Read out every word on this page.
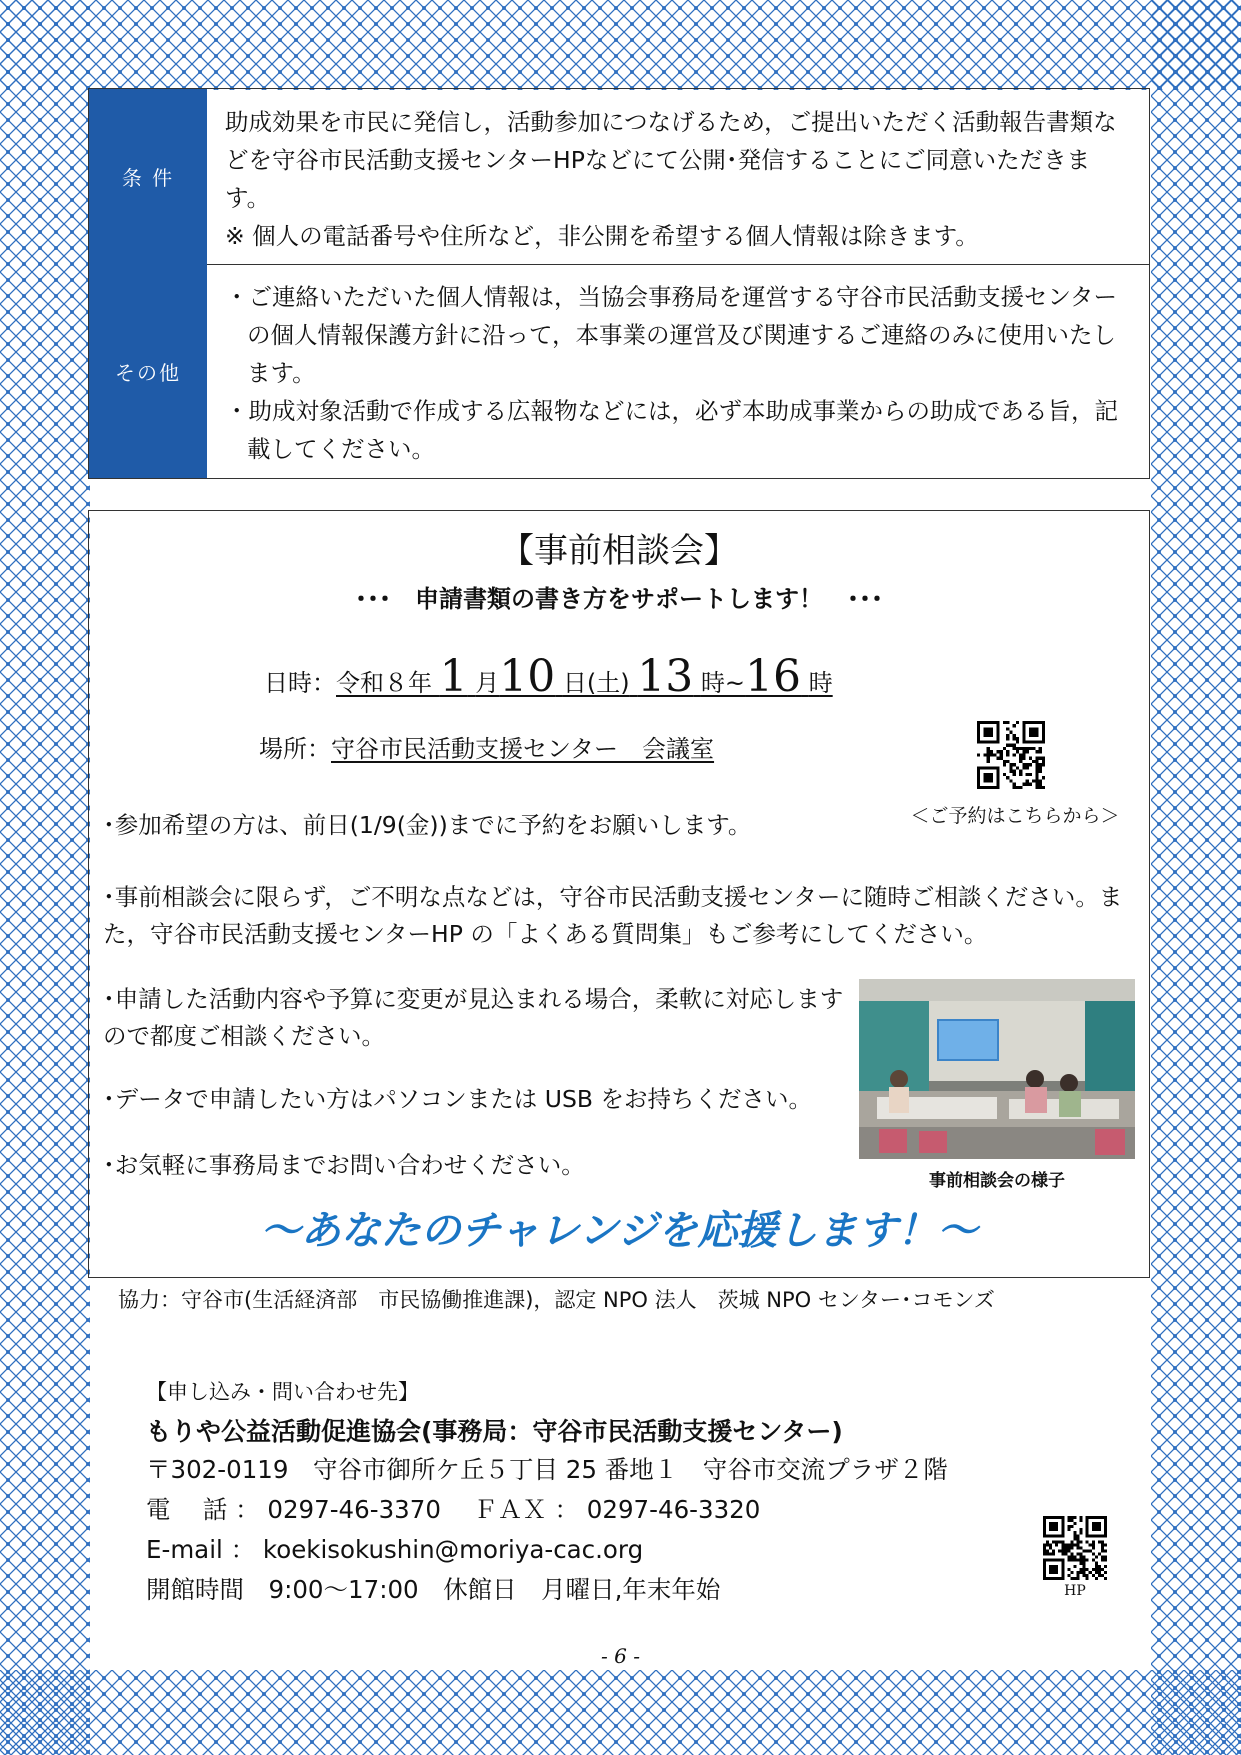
条 件

助成効果を市民に発信し，活動参加につなげるため，ご提出いただく活動報告書類などを守谷市民活動支援センターHPなどにて公開･発信することにご同意いただきます。

※ 個人の電話番号や住所など，非公開を希望する個人情報は除きます。

その他

・ご連絡いただいた個人情報は，当協会事務局を運営する守谷市民活動支援センターの個人情報保護方針に沿って，本事業の運営及び関連するご連絡のみに使用いたします。

・助成対象活動で作成する広報物などには，必ず本助成事業からの助成である旨，記載してください。

【事前相談会】
･･･　申請書類の書き方をサポートします！　･･･
日時：令和８年 1 月10 日(土) 13 時~16 時
場所：守谷市民活動支援センター　会議室
＜ご予約はこちらから＞
･参加希望の方は、前日(1/9(金))までに予約をお願いします。
･事前相談会に限らず，ご不明な点などは，守谷市民活動支援センターに随時ご相談ください。また，守谷市民活動支援センターHP の「よくある質問集」もご参考にしてください。
･申請した活動内容や予算に変更が見込まれる場合，柔軟に対応しますので都度ご相談ください。
･データで申請したい方はパソコンまたは USB をお持ちください。
･お気軽に事務局までお問い合わせください。
事前相談会の様子
～あなたのチャレンジを応援します！～
協力：守谷市(生活経済部　市民協働推進課)，認定 NPO 法人　茨城 NPO センター･コモンズ
【申し込み・問い合わせ先】
もりや公益活動促進協会(事務局：守谷市民活動支援センター)
〒302-0119　守谷市御所ケ丘５丁目 25 番地１　守谷市交流プラザ２階
電　 話 ： 0297-46-3370　 ＦＡＸ ： 0297-46-3320
E-mail ： koekisokushin@moriya-cac.org
開館時間　9:00～17:00　休館日　月曜日,年末年始	HP
- 6 -
